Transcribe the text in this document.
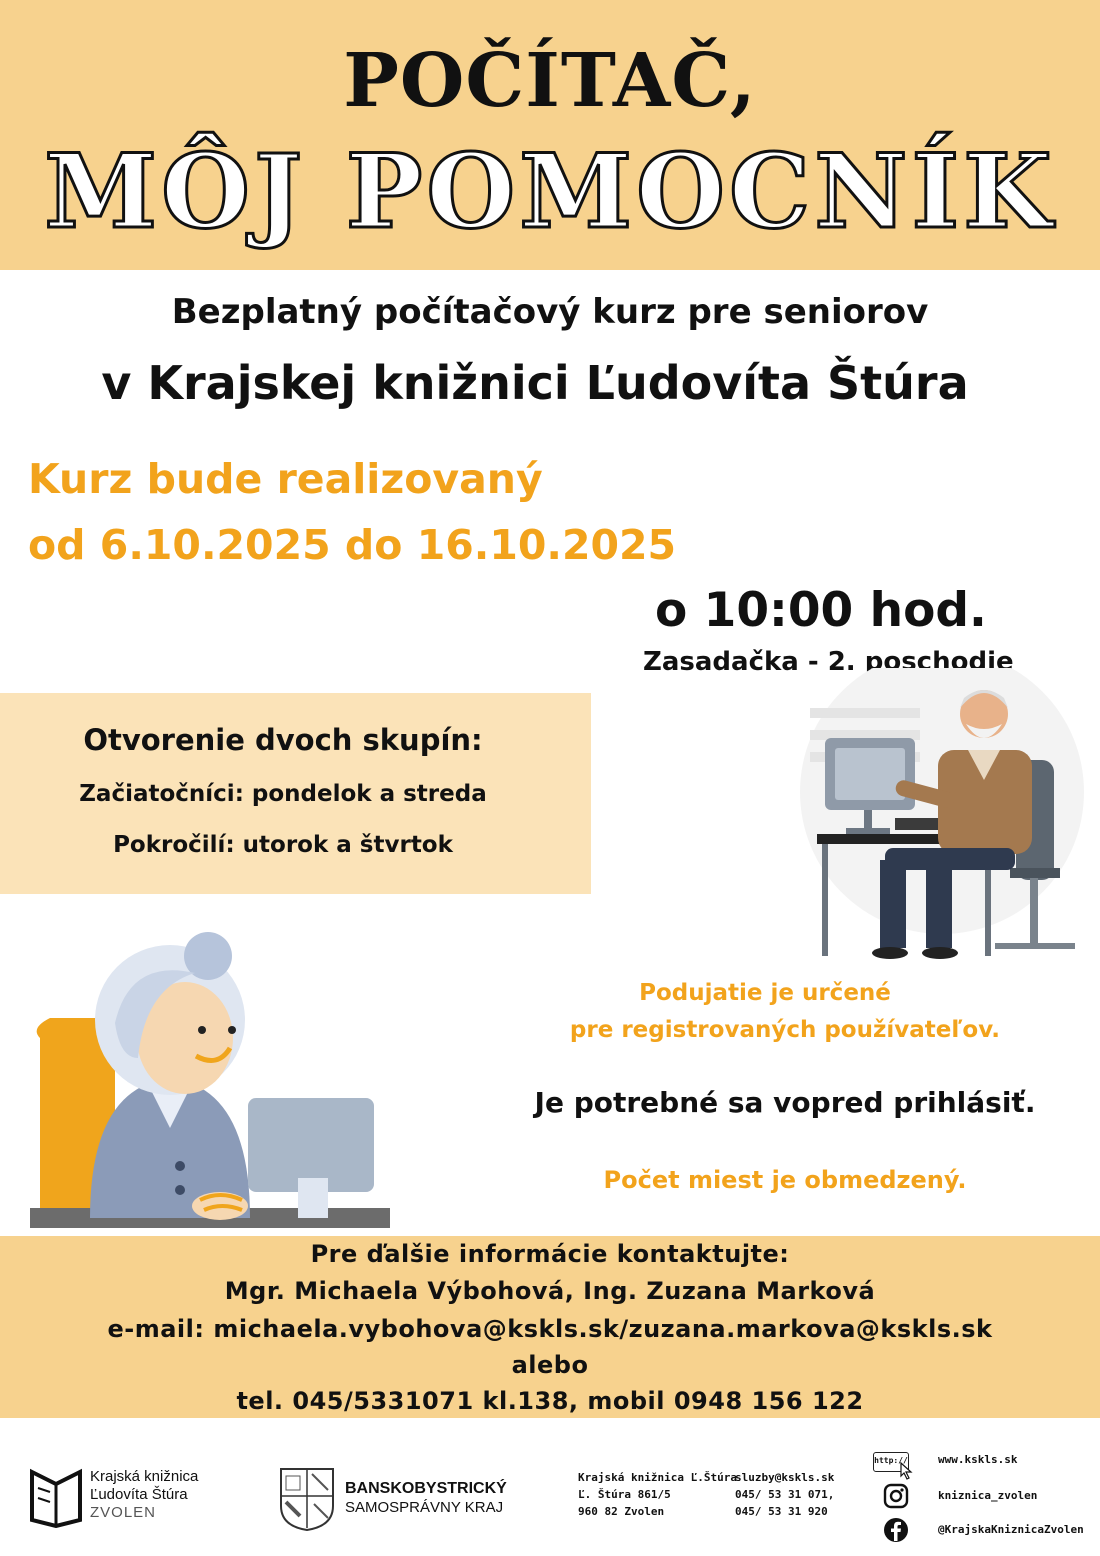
POČÍTAČ,
MÔJ POMOCNÍK
Bezplatný počítačový kurz pre seniorov
v Krajskej knižnici Ľudovíta Štúra
Kurz bude realizovaný
od 6.10.2025 do 16.10.2025
o 10:00 hod.
Zasadačka - 2. poschodie
Otvorenie dvoch skupín:
Začiatočníci: pondelok a streda
Pokročilí: utorok a štvrtok
Podujatie je určené
pre registrovaných používateľov.
Je potrebné sa vopred prihlásiť.
Počet miest je obmedzený.
Pre ďalšie informácie kontaktujte:
Mgr. Michaela Výbohová, Ing. Zuzana Marková
e-mail: michaela.vybohova@kskls.sk/zuzana.markova@kskls.sk
alebo
tel. 045/5331071 kl.138, mobil 0948 156 122
Krajská knižnica
Ľudovíta Štúra
ZVOLEN
BANSKOBYSTRICKÝ
SAMOSPRÁVNY KRAJ
Krajská knižnica Ľ.Štúra
Ľ. Štúra 861/5
960 82 Zvolen
sluzby@kskls.sk
045/ 53 31 071,
045/ 53 31 920
http://	www.kskls.sk
kniznica_zvolen
@KrajskaKniznicaZvolen
